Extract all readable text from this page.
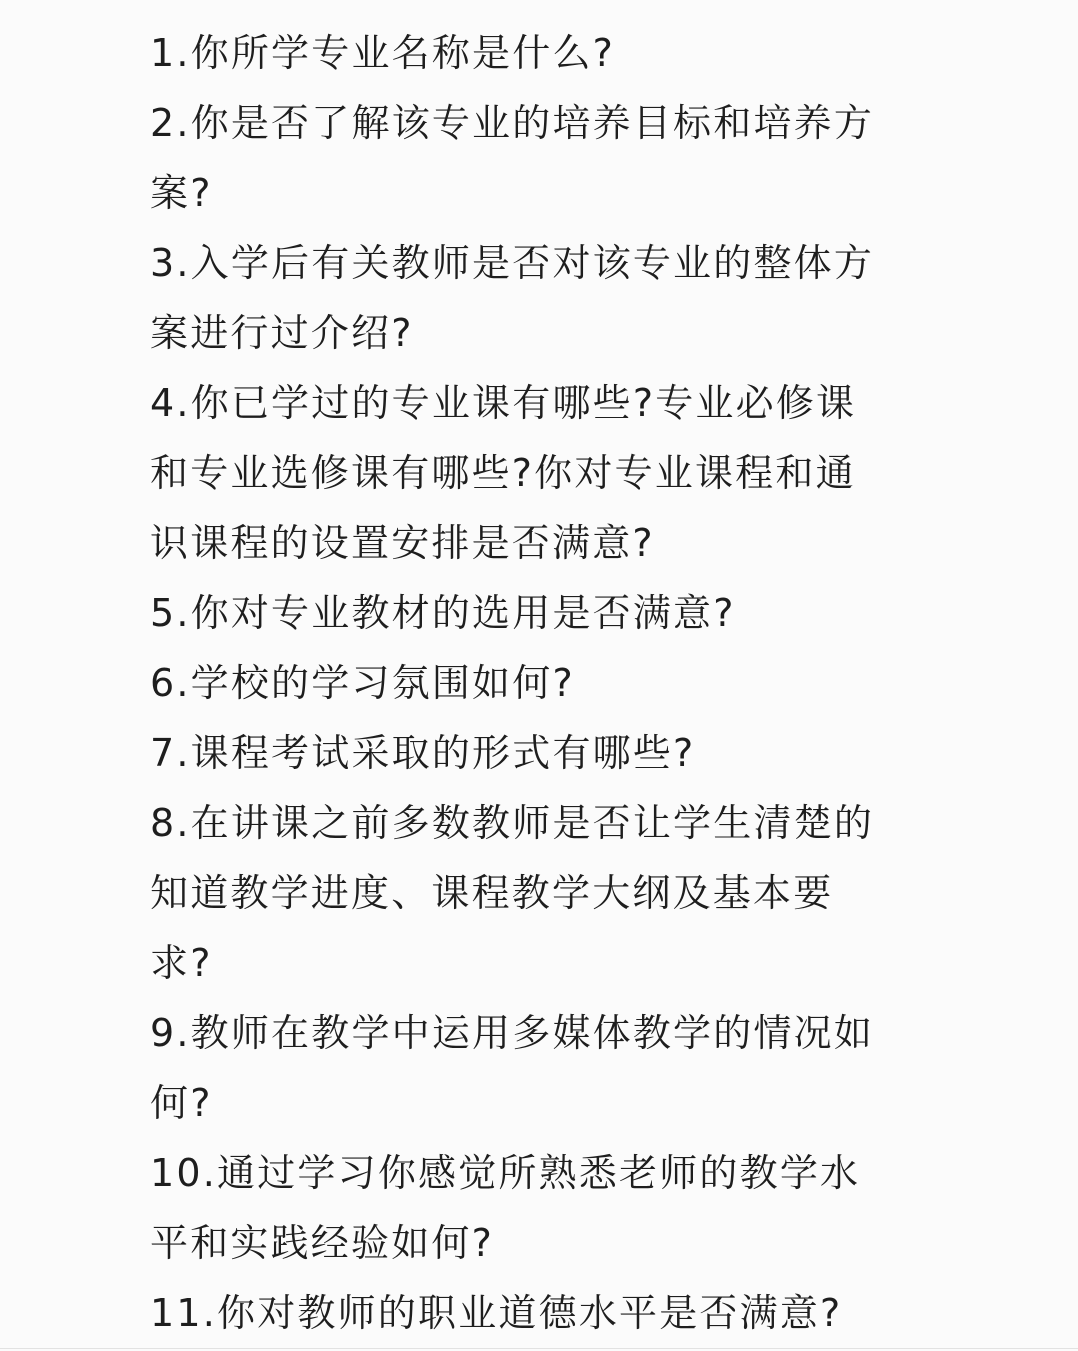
1.你所学专业名称是什么?

2.你是否了解该专业的培养目标和培养方

案?

3.入学后有关教师是否对该专业的整体方

案进行过介绍?

4.你已学过的专业课有哪些?专业必修课

和专业选修课有哪些?你对专业课程和通

识课程的设置安排是否满意?

5.你对专业教材的选用是否满意?

6.学校的学习氛围如何?

7.课程考试采取的形式有哪些?

8.在讲课之前多数教师是否让学生清楚的

知道教学进度、课程教学大纲及基本要

求?

9.教师在教学中运用多媒体教学的情况如

何?

10.通过学习你感觉所熟悉老师的教学水

平和实践经验如何?

11.你对教师的职业道德水平是否满意?
